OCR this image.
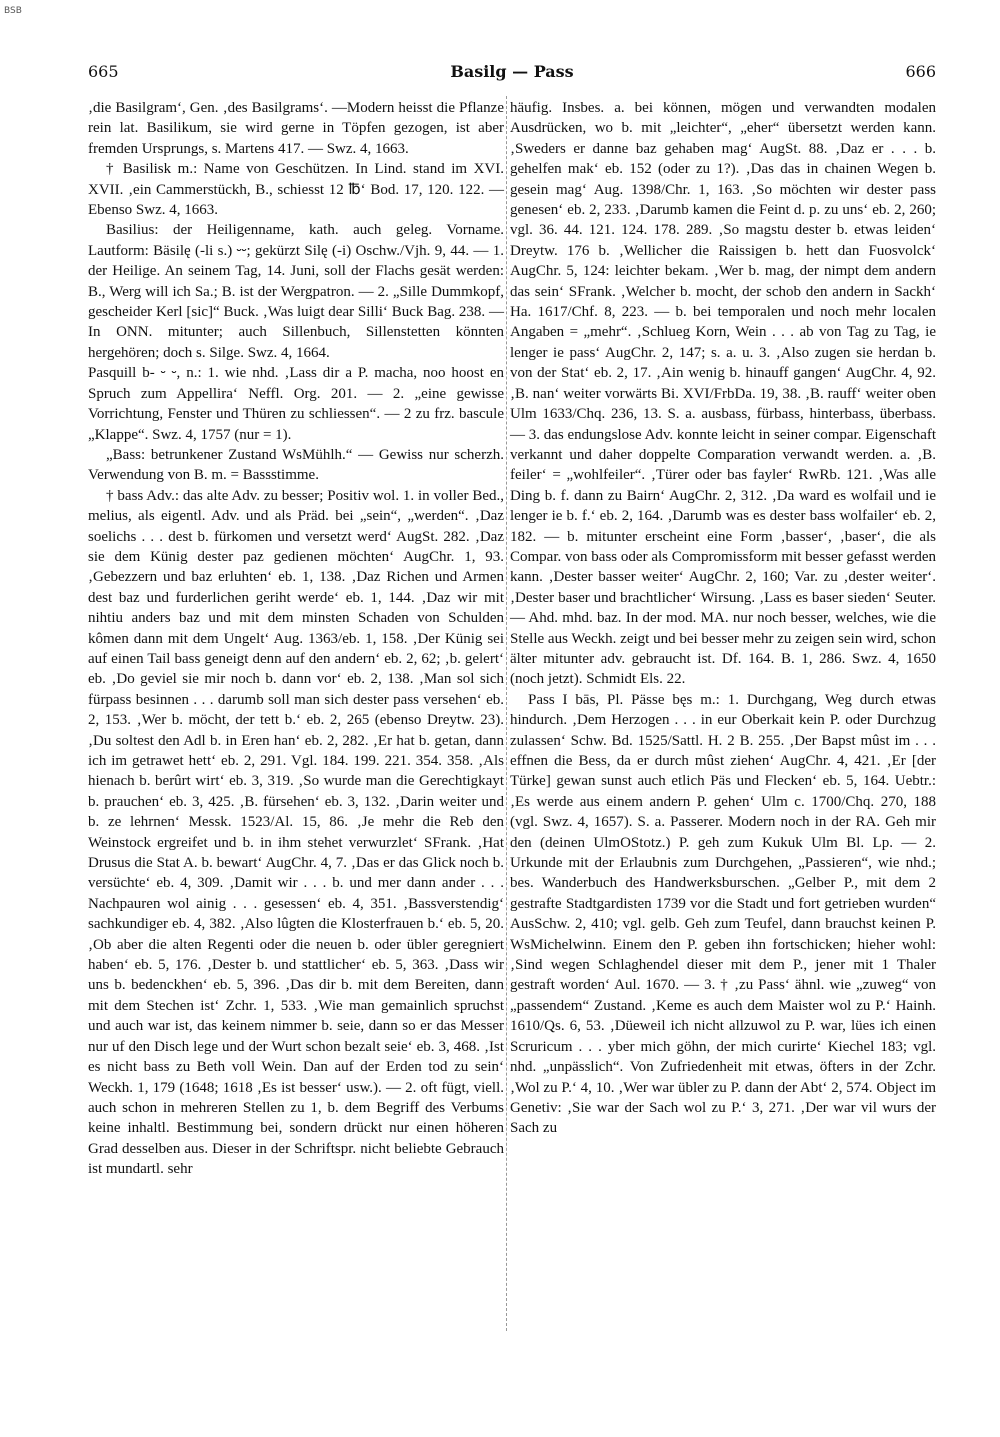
BSB
665	Basilg — Pass	666

‚die Basilgram‘, Gen. ‚des Basilgrams‘. —Modern heisst die Pflanze rein lat. Basilikum, sie wird gerne in Töpfen gezogen, ist aber fremden Ursprungs, s. Martens 417. — Swz. 4, 1663.

† Basilisk m.: Name von Geschützen. In Lind. stand im XVI. XVII. ‚ein Cammerstückh, B., schiesst 12 ℔‘ Bod. 17, 120. 122. — Ebenso Swz. 4, 1663.

Basilius: der Heiligenname, kath. auch geleg. Vorname. Lautform: Bäsilę (-li s.) ⏑⏑; gekürzt Silę (-i) Oschw./Vjh. 9, 44. — 1. der Heilige. An seinem Tag, 14. Juni, soll der Flachs gesät werden: B., Werg will ich Sa.; B. ist der Wergpatron. — 2. „Sille Dummkopf, gescheider Kerl [sic]“ Buck. ‚Was luigt dear Silli‘ Buck Bag. 238. — In ONN. mitunter; auch Sillenbuch, Sillenstetten könnten hergehören; doch s. Silge. Swz. 4, 1664.

Pasquill b- ⏑ ⏑, n.: 1. wie nhd. ‚Lass dir a P. macha, noo hoost en Spruch zum Appellira‘ Neffl. Org. 201. — 2. „eine gewisse Vorrichtung, Fenster und Thüren zu schliessen“. — 2 zu frz. bascule „Klappe“. Swz. 4, 1757 (nur = 1).

„Bass: betrunkener Zustand WsMühlh.“ — Gewiss nur scherzh. Verwendung von B. m. = Bassstimme.

† bass Adv.: das alte Adv. zu besser; Positiv wol. 1. in voller Bed., melius, als eigentl. Adv. und als Präd. bei „sein“, „werden“. ‚Daz soelichs . . . dest b. fürkomen und versetzt werd‘ AugSt. 282. ‚Daz sie dem Künig dester paz gedienen möchten‘ AugChr. 1, 93. ‚Gebezzern und baz erluhten‘ eb. 1, 138. ‚Daz Richen und Armen dest baz und furderlichen geriht werde‘ eb. 1, 144. ‚Daz wir mit nihtiu anders baz und mit dem minsten Schaden von Schulden kômen dann mit dem Ungelt‘ Aug. 1363/eb. 1, 158. ‚Der Künig sei auf einen Tail bass geneigt denn auf den andern‘ eb. 2, 62; ‚b. gelert‘ eb. ‚Do geviel sie mir noch b. dann vor‘ eb. 2, 138. ‚Man sol sich fürpass besinnen . . . darumb soll man sich dester pass versehen‘ eb. 2, 153. ‚Wer b. möcht, der tett b.‘ eb. 2, 265 (ebenso Dreytw. 23). ‚Du soltest den Adl b. in Eren han‘ eb. 2, 282. ‚Er hat b. getan, dann ich im getrawet hett‘ eb. 2, 291. Vgl. 184. 199. 221. 354. 358. ‚Als hienach b. berûrt wirt‘ eb. 3, 319. ‚So wurde man die Gerechtigkayt b. prauchen‘ eb. 3, 425. ‚B. fürsehen‘ eb. 3, 132. ‚Darin weiter und b. ze lehrnen‘ Messk. 1523/Al. 15, 86. ‚Je mehr die Reb den Weinstock ergreifet und b. in ihm stehet verwurzlet‘ SFrank. ‚Hat Drusus die Stat A. b. bewart‘ AugChr. 4, 7. ‚Das er das Glick noch b. versüchte‘ eb. 4, 309. ‚Damit wir . . . b. und mer dann ander . . . Nachpauren wol ainig . . . gesessen‘ eb. 4, 351. ‚Bassverstendig‘ sachkundiger eb. 4, 382. ‚Also lûgten die Klosterfrauen b.‘ eb. 5, 20. ‚Ob aber die alten Regenti oder die neuen b. oder übler geregniert haben‘ eb. 5, 176. ‚Dester b. und stattlicher‘ eb. 5, 363. ‚Dass wir uns b. bedenckhen‘ eb. 5, 396. ‚Das dir b. mit dem Bereiten, dann mit dem Stechen ist‘ Zchr. 1, 533. ‚Wie man gemainlich spruchst und auch war ist, das keinem nimmer b. seie, dann so er das Messer nur uf den Disch lege und der Wurt schon bezalt seie‘ eb. 3, 468. ‚Ist es nicht bass zu Beth voll Wein. Dan auf der Erden tod zu sein‘ Weckh. 1, 179 (1648; 1618 ‚Es ist besser‘ usw.). — 2. oft fügt, viell. auch schon in mehreren Stellen zu 1, b. dem Begriff des Verbums keine inhaltl. Bestimmung bei, sondern drückt nur einen höheren Grad desselben aus. Dieser in der Schriftspr. nicht beliebte Gebrauch ist mundartl. sehr

häufig. Insbes. a. bei können, mögen und verwandten modalen Ausdrücken, wo b. mit „leichter“, „eher“ übersetzt werden kann. ‚Sweders er danne baz gehaben mag‘ AugSt. 88. ‚Daz er . . . b. gehelfen mak‘ eb. 152 (oder zu 1?). ‚Das das in chainen Wegen b. gesein mag‘ Aug. 1398/Chr. 1, 163. ‚So möchten wir dester pass genesen‘ eb. 2, 233. ‚Darumb kamen die Feint d. p. zu uns‘ eb. 2, 260; vgl. 36. 44. 121. 124. 178. 289. ‚So magstu dester b. etwas leiden‘ Dreytw. 176 b. ‚Wellicher die Raissigen b. hett dan Fuosvolck‘ AugChr. 5, 124: leichter bekam. ‚Wer b. mag, der nimpt dem andern das sein‘ SFrank. ‚Welcher b. mocht, der schob den andern in Sackh‘ Ha. 1617/Chf. 8, 223. — b. bei temporalen und noch mehr localen Angaben = „mehr“. ‚Schlueg Korn, Wein . . . ab von Tag zu Tag, ie lenger ie pass‘ AugChr. 2, 147; s. a. u. 3. ‚Also zugen sie herdan b. von der Stat‘ eb. 2, 17. ‚Ain wenig b. hinauff gangen‘ AugChr. 4, 92. ‚B. nan‘ weiter vorwärts Bi. XVI/FrbDa. 19, 38. ‚B. rauff‘ weiter oben Ulm 1633/Chq. 236, 13. S. a. ausbass, fürbass, hinterbass, überbass. — 3. das endungslose Adv. konnte leicht in seiner compar. Eigenschaft verkannt und daher doppelte Comparation verwandt werden. a. ‚B. feiler‘ = „wohlfeiler“. ‚Türer oder bas fayler‘ RwRb. 121. ‚Was alle Ding b. f. dann zu Bairn‘ AugChr. 2, 312. ‚Da ward es wolfail und ie lenger ie b. f.‘ eb. 2, 164. ‚Darumb was es dester bass wolfailer‘ eb. 2, 182. — b. mitunter erscheint eine Form ‚basser‘, ‚baser‘, die als Compar. von bass oder als Compromissform mit besser gefasst werden kann. ‚Dester basser weiter‘ AugChr. 2, 160; Var. zu ‚dester weiter‘. ‚Dester baser und brachtlicher‘ Wirsung. ‚Lass es baser sieden‘ Seuter. — Ahd. mhd. baz. In der mod. MA. nur noch besser, welches, wie die Stelle aus Weckh. zeigt und bei besser mehr zu zeigen sein wird, schon älter mitunter adv. gebraucht ist. Df. 164. B. 1, 286. Swz. 4, 1650 (noch jetzt). Schmidt Els. 22.

Pass I bās, Pl. Pässe bęs m.: 1. Durchgang, Weg durch etwas hindurch. ‚Dem Herzogen . . . in eur Oberkait kein P. oder Durchzug zulassen‘ Schw. Bd. 1525/Sattl. H. 2 B. 255. ‚Der Bapst mûst im . . . effnen die Bess, da er durch mûst ziehen‘ AugChr. 4, 421. ‚Er [der Türke] gewan sunst auch etlich Päs und Flecken‘ eb. 5, 164. Uebtr.: ‚Es werde aus einem andern P. gehen‘ Ulm c. 1700/Chq. 270, 188 (vgl. Swz. 4, 1657). S. a. Passerer. Modern noch in der RA. Geh mir den (deinen UlmOStotz.) P. geh zum Kukuk Ulm Bl. Lp. — 2. Urkunde mit der Erlaubnis zum Durchgehen, „Passieren“, wie nhd.; bes. Wanderbuch des Handwerksburschen. „Gelber P., mit dem 2 gestrafte Stadtgardisten 1739 vor die Stadt und fort getrieben wurden“ AusSchw. 2, 410; vgl. gelb. Geh zum Teufel, dann brauchst keinen P. WsMichelwinn. Einem den P. geben ihn fortschicken; hieher wohl: ‚Sind wegen Schlaghendel dieser mit dem P., jener mit 1 Thaler gestraft worden‘ Aul. 1670. — 3. † ‚zu Pass‘ ähnl. wie „zuweg“ von „passendem“ Zustand. ‚Keme es auch dem Maister wol zu P.‘ Hainh. 1610/Qs. 6, 53. ‚Düeweil ich nicht allzuwol zu P. war, lües ich einen Scruricum . . . yber mich göhn, der mich curirte‘ Kiechel 183; vgl. nhd. „unpässlich“. Von Zufriedenheit mit etwas, öfters in der Zchr. ‚Wol zu P.‘ 4, 10. ‚Wer war übler zu P. dann der Abt‘ 2, 574. Object im Genetiv: ‚Sie war der Sach wol zu P.‘ 3, 271. ‚Der war vil wurs der Sach zu
